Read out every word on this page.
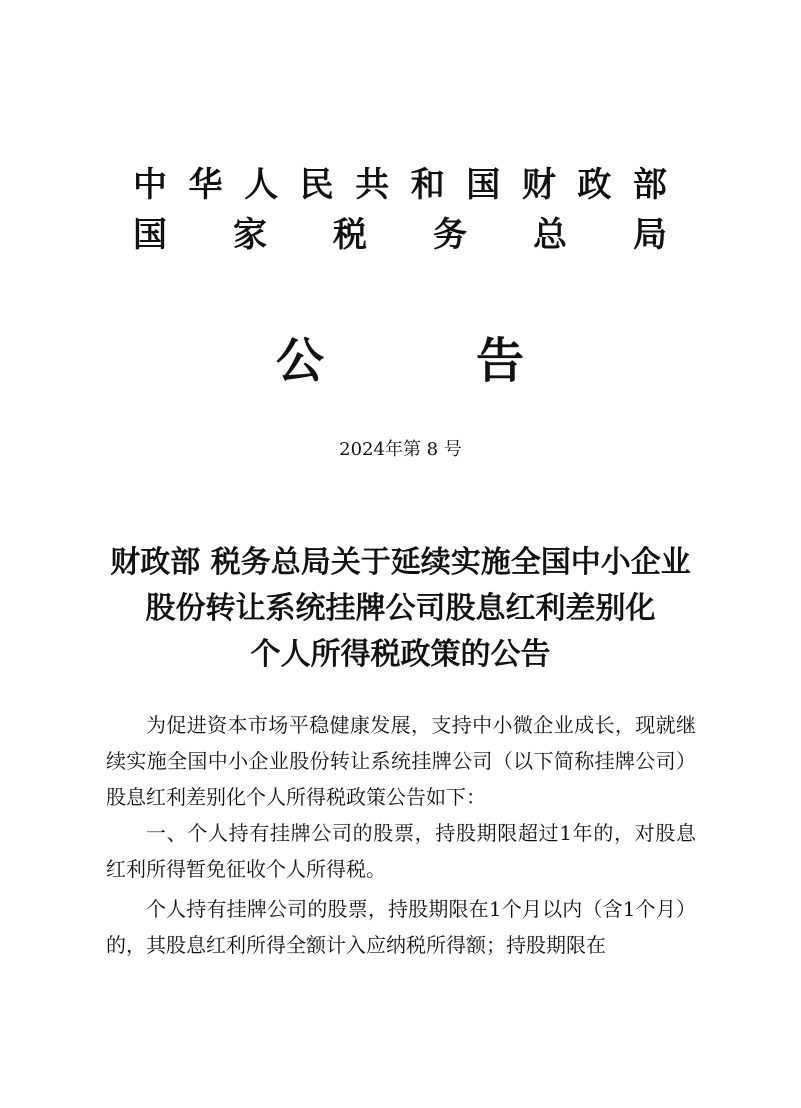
中 华 人 民 共 和 国 财 政 部
国 家 税 务 总 局
公	告
2024年第 8 号
财政部 税务总局关于延续实施全国中小企业
股份转让系统挂牌公司股息红利差别化
个人所得税政策的公告

为促进资本市场平稳健康发展，支持中小微企业成长，现就继续实施全国中小企业股份转让系统挂牌公司（以下简称挂牌公司）股息红利差别化个人所得税政策公告如下：

一、个人持有挂牌公司的股票，持股期限超过1年的，对股息红利所得暂免征收个人所得税。

个人持有挂牌公司的股票，持股期限在1个月以内（含1个月）的，其股息红利所得全额计入应纳税所得额；持股期限在
